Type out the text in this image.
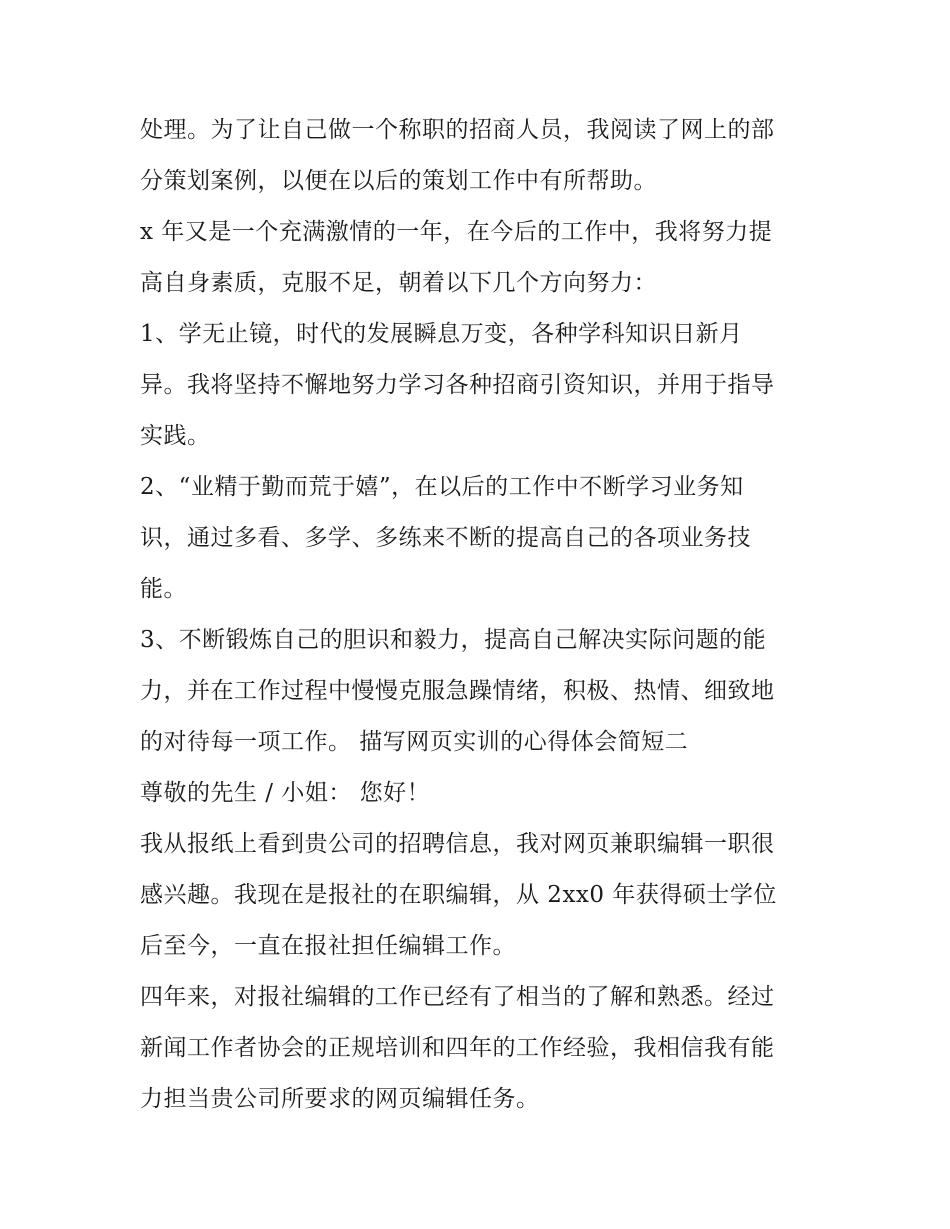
处理。为了让自己做一个称职的招商人员，我阅读了网上的部
分策划案例，以便在以后的策划工作中有所帮助。
x 年又是一个充满激情的一年，在今后的工作中，我将努力提
高自身素质，克服不足，朝着以下几个方向努力：
1、学无止镜，时代的发展瞬息万变，各种学科知识日新月
异。我将坚持不懈地努力学习各种招商引资知识，并用于指导
实践。
2、“业精于勤而荒于嬉”，在以后的工作中不断学习业务知
识，通过多看、多学、多练来不断的提高自己的各项业务技
能。
3、不断锻炼自己的胆识和毅力，提高自己解决实际问题的能
力，并在工作过程中慢慢克服急躁情绪，积极、热情、细致地
的对待每一项工作。 描写网页实训的心得体会简短二
尊敬的先生 / 小姐： 您好！
我从报纸上看到贵公司的招聘信息，我对网页兼职编辑一职很
感兴趣。我现在是报社的在职编辑，从 2xx0 年获得硕士学位
后至今，一直在报社担任编辑工作。
四年来，对报社编辑的工作已经有了相当的了解和熟悉。经过
新闻工作者协会的正规培训和四年的工作经验，我相信我有能
力担当贵公司所要求的网页编辑任务。
